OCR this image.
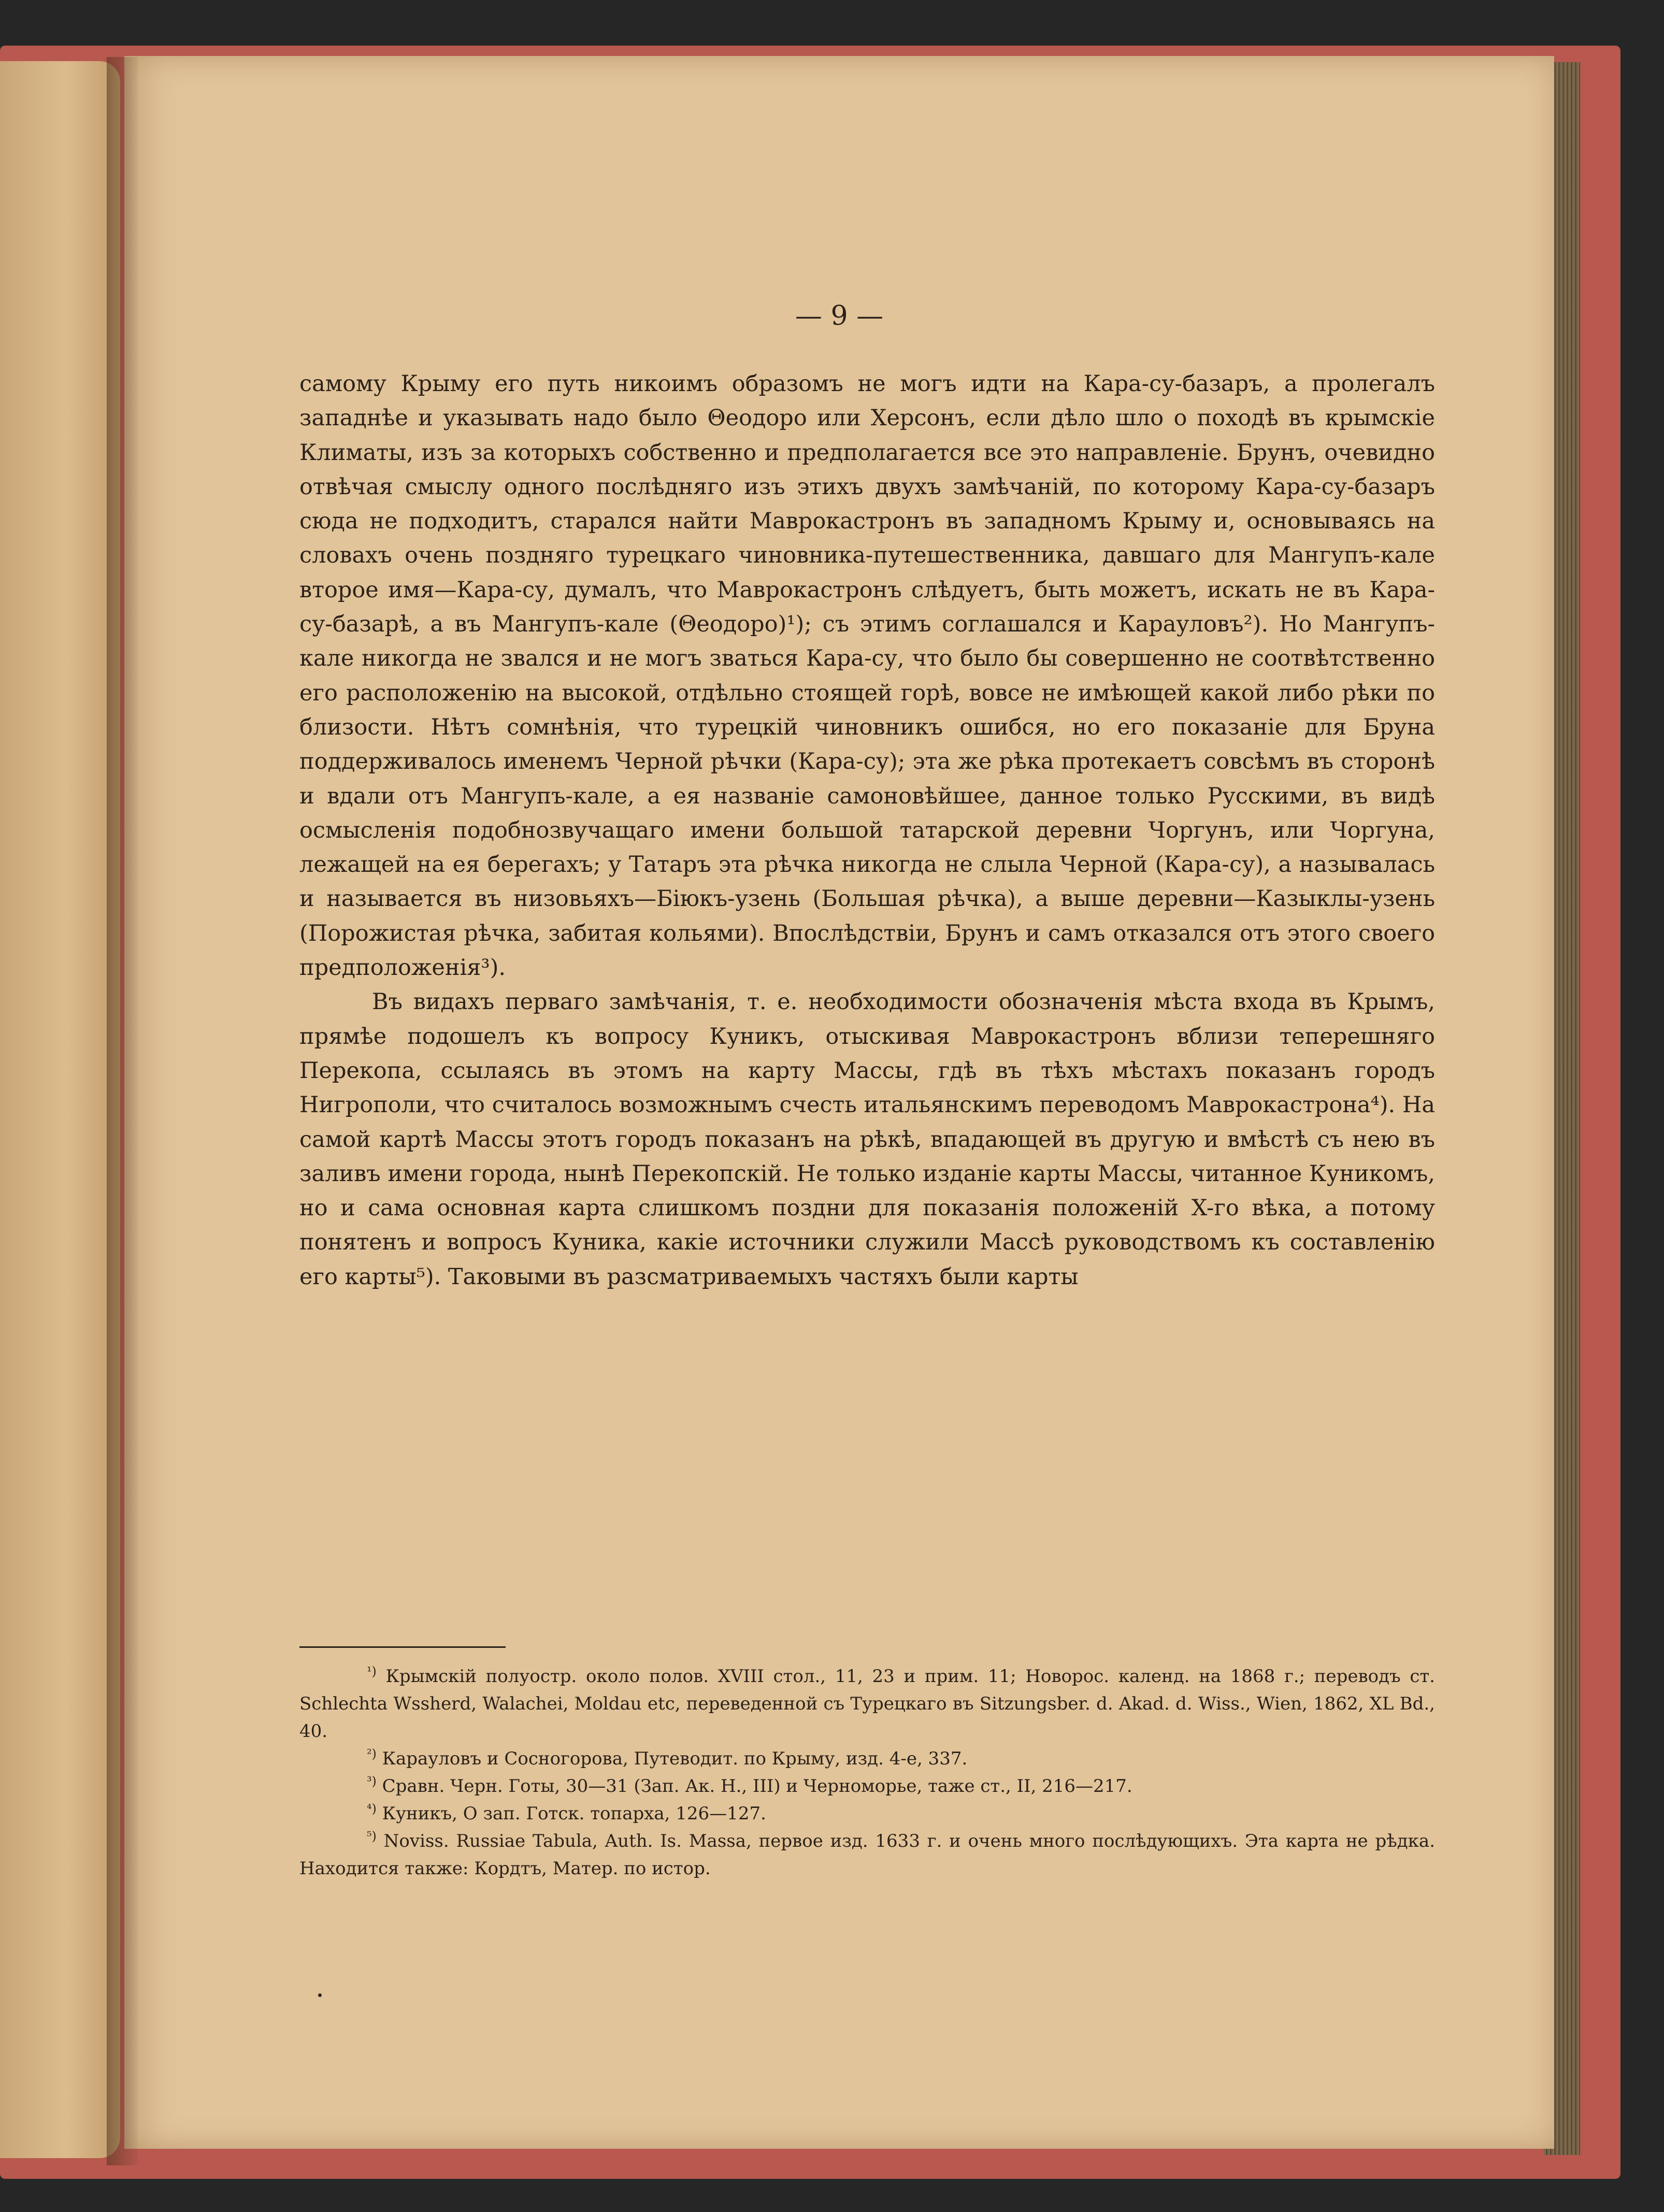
— 9 —

самому Крыму его путь никоимъ образомъ не могъ идти на Кара-су-базаръ, а пролегалъ западнѣе и указывать надо было Θеодоро или Херсонъ, если дѣло шло о походѣ въ крымскіе Климаты, изъ за которыхъ собственно и предполагается все это направленіе. Брунъ, очевидно отвѣчая смыслу одного послѣдняго изъ этихъ двухъ замѣчаній, по которому Кара-су-базаръ сюда не подходитъ, старался найти Маврокастронъ въ западномъ Крыму и, основываясь на словахъ очень поздняго турецкаго чиновника-путешественника, давшаго для Мангупъ-кале второе имя—Кара-су, думалъ, что Маврокастронъ слѣдуетъ, быть можетъ, искать не въ Кара-су-базарѣ, а въ Мангупъ-кале (Θеодоро)¹); съ этимъ соглашался и Карауловъ²). Но Мангупъ-кале никогда не звался и не могъ зваться Кара-су, что было бы совершенно не соотвѣтственно его расположенію на высокой, отдѣльно стоящей горѣ, вовсе не имѣющей какой либо рѣки по близости. Нѣтъ сомнѣнія, что турецкій чиновникъ ошибся, но его показаніе для Бруна поддерживалось именемъ Черной рѣчки (Кара-су); эта же рѣка протекаетъ совсѣмъ въ сторонѣ и вдали отъ Мангупъ-кале, а ея названіе самоновѣйшее, данное только Русскими, въ видѣ осмысленія подобнозвучащаго имени большой татарской деревни Чоргунъ, или Чоргуна, лежащей на ея берегахъ; у Татаръ эта рѣчка никогда не слыла Черной (Кара-су), а называлась и называется въ низовьяхъ—Бiюкъ-узень (Большая рѣчка), а выше деревни—Казыклы-узень (Порожистая рѣчка, забитая кольями). Впослѣдствіи, Брунъ и самъ отказался отъ этого своего предположенія³).

Въ видахъ перваго замѣчанія, т. е. необходимости обозначенія мѣста входа въ Крымъ, прямѣе подошелъ къ вопросу Куникъ, отыскивая Маврокастронъ вблизи теперешняго Перекопа, ссылаясь въ этомъ на карту Массы, гдѣ въ тѣхъ мѣстахъ показанъ городъ Нигрополи, что считалось возможнымъ счесть итальянскимъ переводомъ Маврокастрона⁴). На самой картѣ Массы этотъ городъ показанъ на рѣкѣ, впадающей въ другую и вмѣстѣ съ нею въ заливъ имени города, нынѣ Перекопскій. Не только изданіе карты Массы, читанное Куникомъ, но и сама основная карта слишкомъ поздни для показанія положеній X-го вѣка, а потому понятенъ и вопросъ Куника, какіе источники служили Массѣ руководствомъ къ составленію его карты⁵). Таковыми въ разсматриваемыхъ частяхъ были карты

$^{^1)}$ Крымскій полуостр. около полов. XVIII стол., 11, 23 и прим. 11; Новорос. календ. на 1868 г.; переводъ ст. Schlechta Wssherd, Walachei, Moldau etc, переведенной съ Турецкаго въ Sitzungsber. d. Akad. d. Wiss., Wien, 1862, XL Bd., 40.

$^{^2)}$ Карауловъ и Сосногорова, Путеводит. по Крыму, изд. 4-е, 337.

$^{^3)}$ Сравн. Черн. Готы, 30—31 (Зап. Ак. Н., III) и Черноморье, таже ст., II, 216—217.

$^{^4)}$ Куникъ, О зап. Готск. топарха, 126—127.

$^{^5)}$ Noviss. Russiae Tabula, Auth. Is. Massa, первое изд. 1633 г. и очень много послѣдующихъ. Эта карта не рѣдка. Находится также: Кордтъ, Матер. по истор.
